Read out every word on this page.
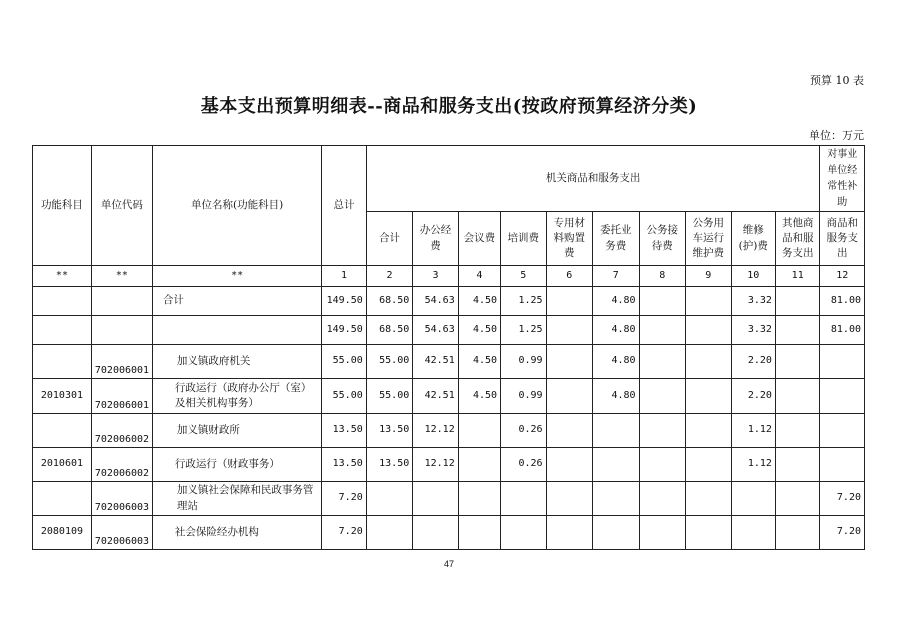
预算 10 表
基本支出预算明细表--商品和服务支出(按政府预算经济分类)
单位：万元
功能科目	单位代码	单位名称(功能科目)	总计	机关商品和服务支出										对事业
单位经
常性补
助
				合计	办公经
费	会议费	培训费	专用材
料购置
费	委托业
务费	公务接
待费	公务用
车运行
维护费	维修
(护)费	其他商
品和服
务支出	商品和
服务支
出
**	**	**	1	2	3	4	5	6	7	8	9	10	11	12
		合计	149.50	68.50	54.63	4.50	1.25		4.80			3.32		81.00
			149.50	68.50	54.63	4.50	1.25		4.80			3.32		81.00
	702006001	加义镇政府机关	55.00	55.00	42.51	4.50	0.99		4.80			2.20		
2010301	702006001	行政运行（政府办公厅（室）及相关机构事务）	55.00	55.00	42.51	4.50	0.99		4.80			2.20		
	702006002	加义镇财政所	13.50	13.50	12.12		0.26					1.12		
2010601	702006002	行政运行（财政事务）	13.50	13.50	12.12		0.26					1.12		
	702006003	加义镇社会保障和民政事务管理站	7.20											7.20
2080109	702006003	社会保险经办机构	7.20											7.20
47
